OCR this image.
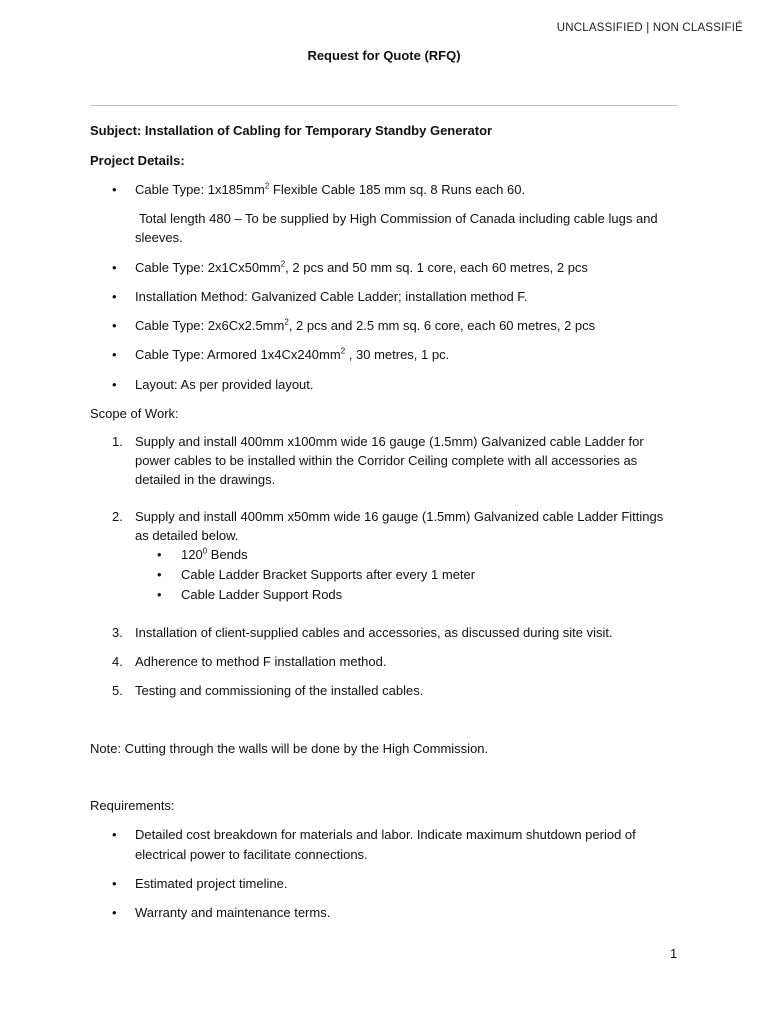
UNCLASSIFIED | NON CLASSIFIÉ
Request for Quote (RFQ)
Subject: Installation of Cabling for Temporary Standby Generator
Project Details:
• Cable Type: $1x185mm^2$ Flexible Cable 185 mm sq. 8 Runs each 60.
Total length 480 – To be supplied by High Commission of Canada including cable lugs and
sleeves.
• Cable Type: $2x1Cx50mm^2$, 2 pcs and 50 mm sq. 1 core, each 60 metres, 2 pcs
• Installation Method: Galvanized Cable Ladder; installation method F.
• Cable Type: $2x6Cx2.5mm^2$, 2 pcs and 2.5 mm sq. 6 core, each 60 metres, 2 pcs
• Cable Type: Armored $1x4Cx240mm^2$ , 30 metres, 1 pc.
• Layout: As per provided layout.
Scope of Work:
1. Supply and install 400mm x100mm wide 16 gauge (1.5mm) Galvanized cable Ladder for
power cables to be installed within the Corridor Ceiling complete with all accessories as
detailed in the drawings.
2. Supply and install 400mm x50mm wide 16 gauge (1.5mm) Galvanized cable Ladder Fittings
as detailed below.
• $120^0$ Bends
• Cable Ladder Bracket Supports after every 1 meter
• Cable Ladder Support Rods
3. Installation of client-supplied cables and accessories, as discussed during site visit.
4. Adherence to method F installation method.
5. Testing and commissioning of the installed cables.
Note: Cutting through the walls will be done by the High Commission.
Requirements:
• Detailed cost breakdown for materials and labor. Indicate maximum shutdown period of
electrical power to facilitate connections.
• Estimated project timeline.
• Warranty and maintenance terms.
1
